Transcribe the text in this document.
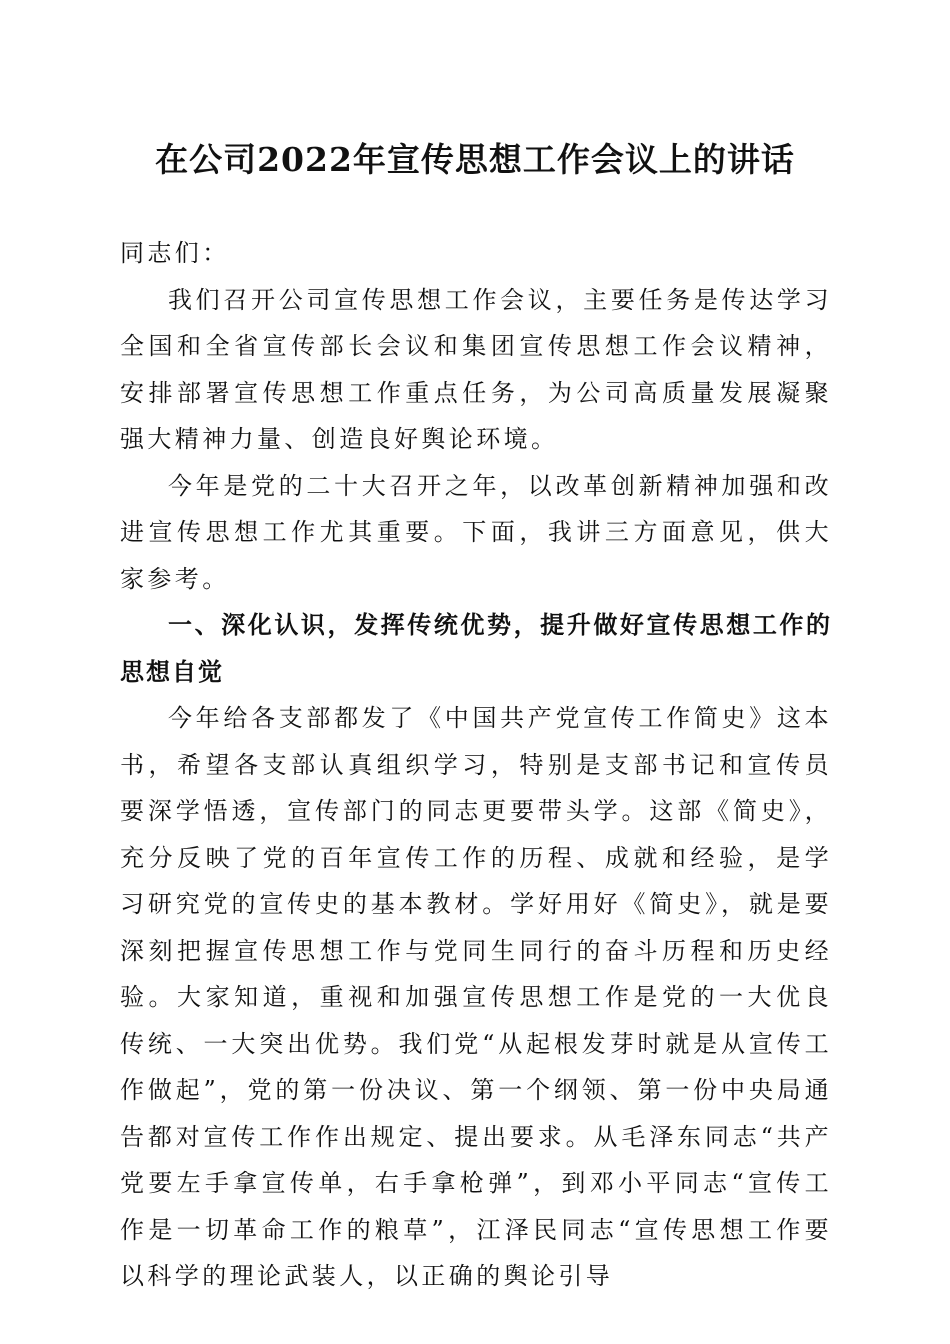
在公司2022年宣传思想工作会议上的讲话

同志们：

我们召开公司宣传思想工作会议，主要任务是传达学习全国和全省宣传部长会议和集团宣传思想工作会议精神，安排部署宣传思想工作重点任务，为公司高质量发展凝聚强大精神力量、创造良好舆论环境。

今年是党的二十大召开之年，以改革创新精神加强和改进宣传思想工作尤其重要。下面，我讲三方面意见，供大家参考。

一、深化认识，发挥传统优势，提升做好宣传思想工作的思想自觉

今年给各支部都发了《中国共产党宣传工作简史》这本书，希望各支部认真组织学习，特别是支部书记和宣传员要深学悟透，宣传部门的同志更要带头学。这部《简史》，充分反映了党的百年宣传工作的历程、成就和经验，是学习研究党的宣传史的基本教材。学好用好《简史》，就是要深刻把握宣传思想工作与党同生同行的奋斗历程和历史经验。大家知道，重视和加强宣传思想工作是党的一大优良传统、一大突出优势。我们党“从起根发芽时就是从宣传工作做起”，党的第一份决议、第一个纲领、第一份中央局通告都对宣传工作作出规定、提出要求。从毛泽东同志“共产党要左手拿宣传单，右手拿枪弹”，到邓小平同志“宣传工作是一切革命工作的粮草”，江泽民同志“宣传思想工作要以科学的理论武装人，以正确的舆论引导
